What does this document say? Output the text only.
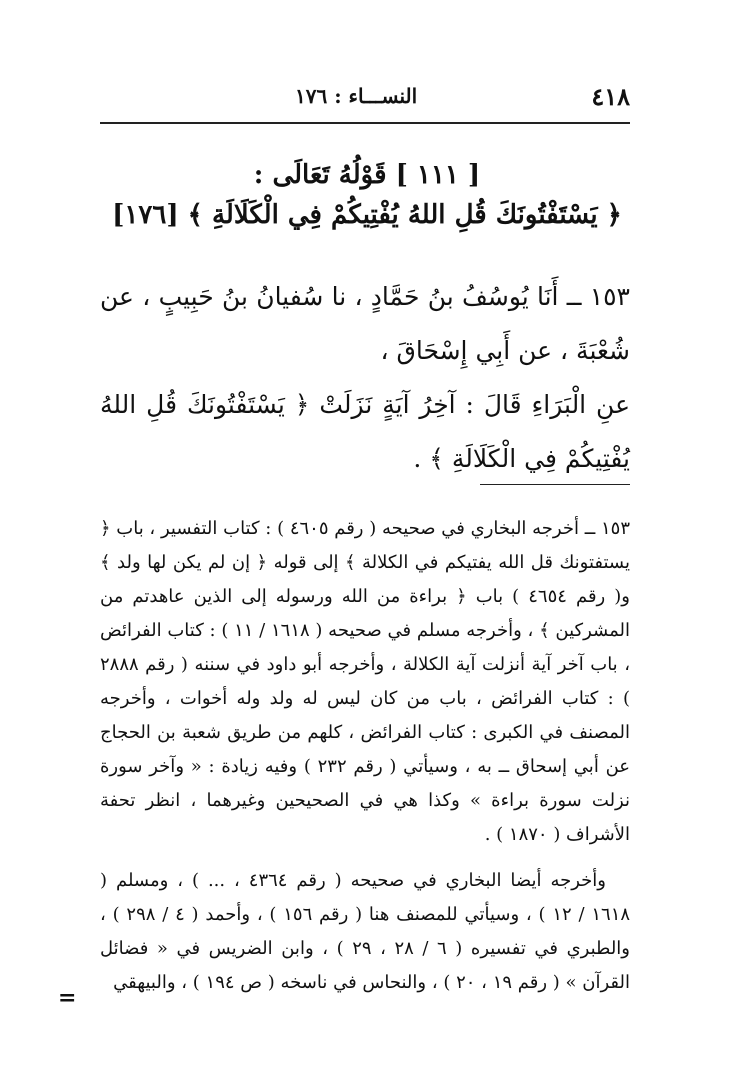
٤١٨
النســـاء : ١٧٦
[ ١١١ ] قَوْلُهُ تَعَالَى :
﴿ يَسْتَفْتُونَكَ قُلِ اللهُ يُفْتِيكُمْ فِي الْكَلَالَةِ ﴾ [١٧٦]
١٥٣ ــ أَنَا يُوسُفُ بنُ حَمَّادٍ ، نا سُفيانُ بنُ حَبِيبٍ ، عن شُعْبَةَ ، عن أَبِي إِسْحَاقَ ،
عنِ الْبَرَاءِ قَالَ : آخِرُ آيَةٍ نَزَلَتْ ﴿ يَسْتَفْتُونَكَ قُلِ اللهُ يُفْتِيكُمْ فِي الْكَلَالَةِ ﴾ .

١٥٣ ــ أخرجه البخاري في صحيحه ( رقم ٤٦٠٥ ) : كتاب التفسير ، باب ﴿ يستفتونك قل الله يفتيكم في الكلالة ﴾ إلى قوله ﴿ إن لم يكن لها ولد ﴾ و( رقم ٤٦٥٤ ) باب ﴿ براءة من الله ورسوله إلى الذين عاهدتم من المشركين ﴾ ، وأخرجه مسلم في صحيحه ( ١٦١٨ / ١١ ) : كتاب الفرائض ، باب آخر آية أنزلت آية الكلالة ، وأخرجه أبو داود في سننه ( رقم ٢٨٨٨ ) : كتاب الفرائض ، باب من كان ليس له ولد وله أخوات ، وأخرجه المصنف في الكبرى : كتاب الفرائض ، كلهم من طريق شعبة بن الحجاج عن أبي إسحاق ــ به ، وسيأتي ( رقم ٢٣٢ ) وفيه زيادة : « وآخر سورة نزلت سورة براءة » وكذا هي في الصحيحين وغيرهما ، انظر تحفة الأشراف ( ١٨٧٠ ) .

وأخرجه أيضا البخاري في صحيحه ( رقم ٤٣٦٤ ، ... ) ، ومسلم ( ١٦١٨ / ١٢ ) ، وسيأتي للمصنف هنا ( رقم ١٥٦ ) ، وأحمد ( ٤ / ٢٩٨ ) ، والطبري في تفسيره ( ٦ / ٢٨ ، ٢٩ ) ، وابن الضريس في « فضائل القرآن » ( رقم ١٩ ، ٢٠ ) ، والنحاس في ناسخه ( ص ١٩٤ ) ، والبيهقي

=
